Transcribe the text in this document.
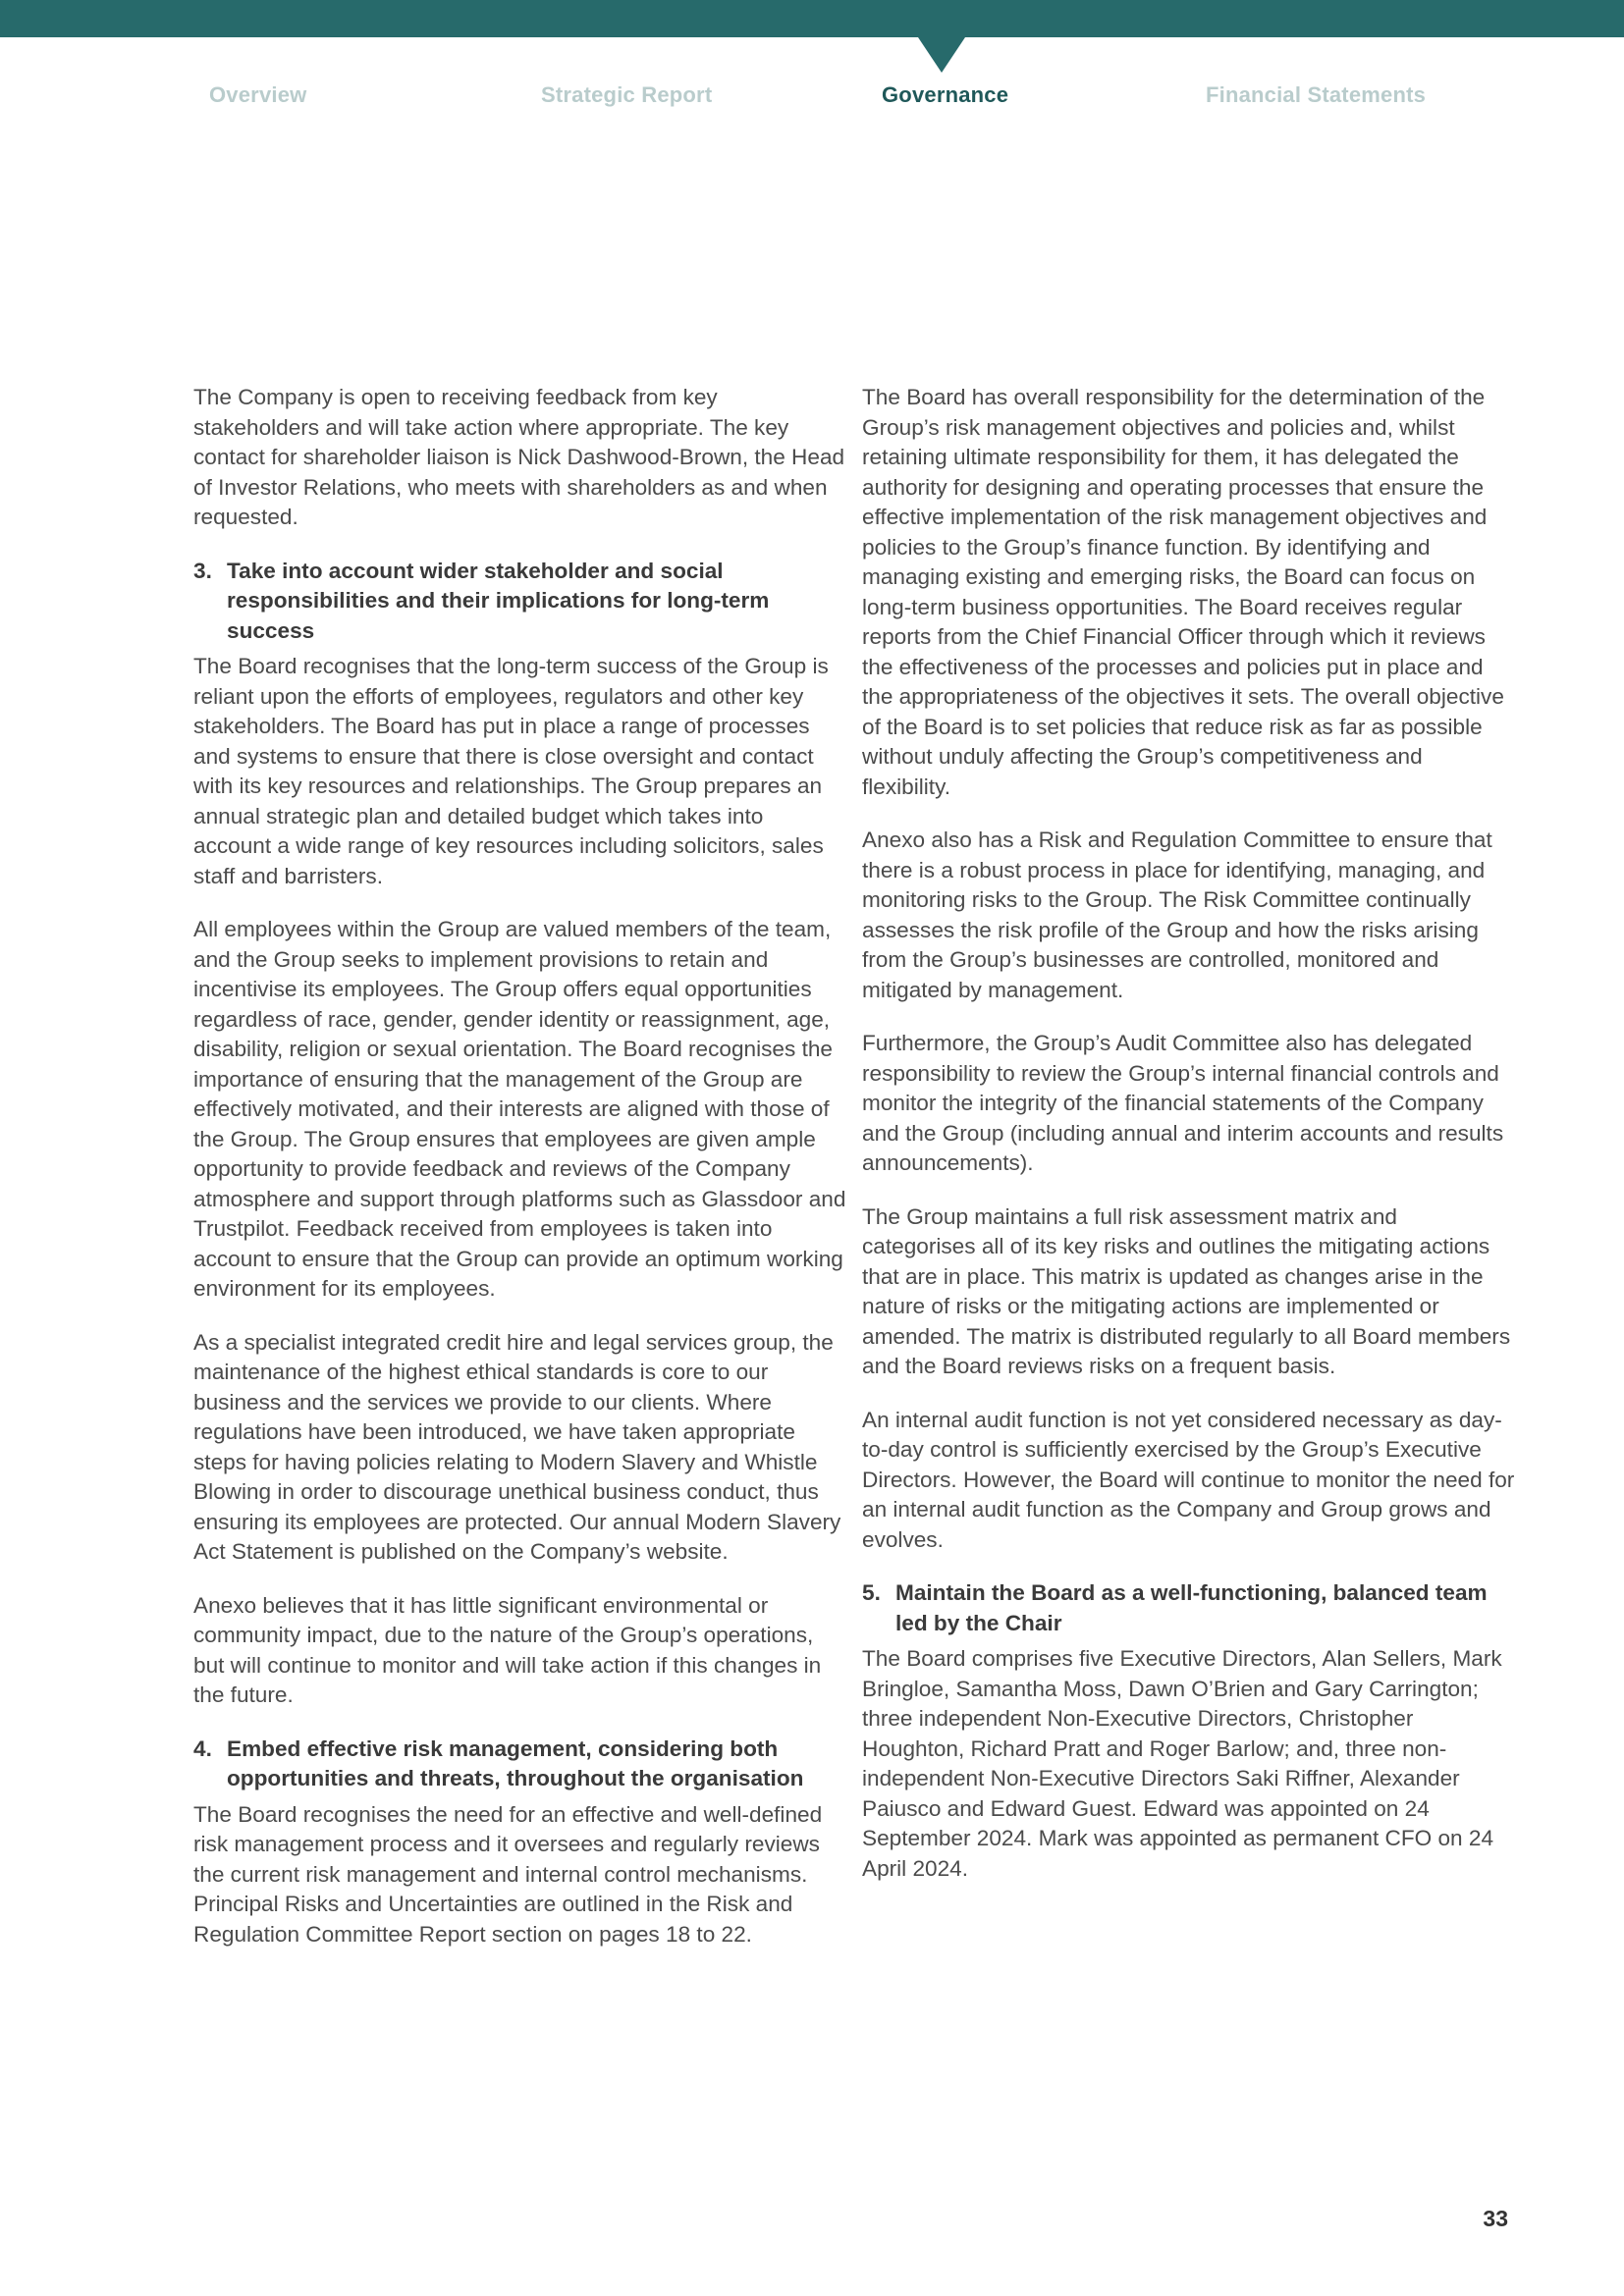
Overview	Strategic Report	Governance	Financial Statements

The Company is open to receiving feedback from key stakeholders and will take action where appropriate. The key contact for shareholder liaison is Nick Dashwood-Brown, the Head of Investor Relations, who meets with shareholders as and when requested.

3. Take into account wider stakeholder and social responsibilities and their implications for long-term success

The Board recognises that the long-term success of the Group is reliant upon the efforts of employees, regulators and other key stakeholders. The Board has put in place a range of processes and systems to ensure that there is close oversight and contact with its key resources and relationships. The Group prepares an annual strategic plan and detailed budget which takes into account a wide range of key resources including solicitors, sales staff and barristers.

All employees within the Group are valued members of the team, and the Group seeks to implement provisions to retain and incentivise its employees. The Group offers equal opportunities regardless of race, gender, gender identity or reassignment, age, disability, religion or sexual orientation. The Board recognises the importance of ensuring that the management of the Group are effectively motivated, and their interests are aligned with those of the Group. The Group ensures that employees are given ample opportunity to provide feedback and reviews of the Company atmosphere and support through platforms such as Glassdoor and Trustpilot. Feedback received from employees is taken into account to ensure that the Group can provide an optimum working environment for its employees.

As a specialist integrated credit hire and legal services group, the maintenance of the highest ethical standards is core to our business and the services we provide to our clients. Where regulations have been introduced, we have taken appropriate steps for having policies relating to Modern Slavery and Whistle Blowing in order to discourage unethical business conduct, thus ensuring its employees are protected. Our annual Modern Slavery Act Statement is published on the Company’s website.

Anexo believes that it has little significant environmental or community impact, due to the nature of the Group’s operations, but will continue to monitor and will take action if this changes in the future.

4. Embed effective risk management, considering both opportunities and threats, throughout the organisation

The Board recognises the need for an effective and well-defined risk management process and it oversees and regularly reviews the current risk management and internal control mechanisms. Principal Risks and Uncertainties are outlined in the Risk and Regulation Committee Report section on pages 18 to 22.

The Board has overall responsibility for the determination of the Group’s risk management objectives and policies and, whilst retaining ultimate responsibility for them, it has delegated the authority for designing and operating processes that ensure the effective implementation of the risk management objectives and policies to the Group’s finance function. By identifying and managing existing and emerging risks, the Board can focus on long-term business opportunities. The Board receives regular reports from the Chief Financial Officer through which it reviews the effectiveness of the processes and policies put in place and the appropriateness of the objectives it sets. The overall objective of the Board is to set policies that reduce risk as far as possible without unduly affecting the Group’s competitiveness and flexibility.

Anexo also has a Risk and Regulation Committee to ensure that there is a robust process in place for identifying, managing, and monitoring risks to the Group. The Risk Committee continually assesses the risk profile of the Group and how the risks arising from the Group’s businesses are controlled, monitored and mitigated by management.

Furthermore, the Group’s Audit Committee also has delegated responsibility to review the Group’s internal financial controls and monitor the integrity of the financial statements of the Company and the Group (including annual and interim accounts and results announcements).

The Group maintains a full risk assessment matrix and categorises all of its key risks and outlines the mitigating actions that are in place. This matrix is updated as changes arise in the nature of risks or the mitigating actions are implemented or amended. The matrix is distributed regularly to all Board members and the Board reviews risks on a frequent basis.

An internal audit function is not yet considered necessary as day-to-day control is sufficiently exercised by the Group’s Executive Directors. However, the Board will continue to monitor the need for an internal audit function as the Company and Group grows and evolves.

5. Maintain the Board as a well-functioning, balanced team led by the Chair

The Board comprises five Executive Directors, Alan Sellers, Mark Bringloe, Samantha Moss, Dawn O’Brien and Gary Carrington; three independent Non-Executive Directors, Christopher Houghton, Richard Pratt and Roger Barlow; and, three non-independent Non-Executive Directors Saki Riffner, Alexander Paiusco and Edward Guest. Edward was appointed on 24 September 2024. Mark was appointed as permanent CFO on 24 April 2024.

33
